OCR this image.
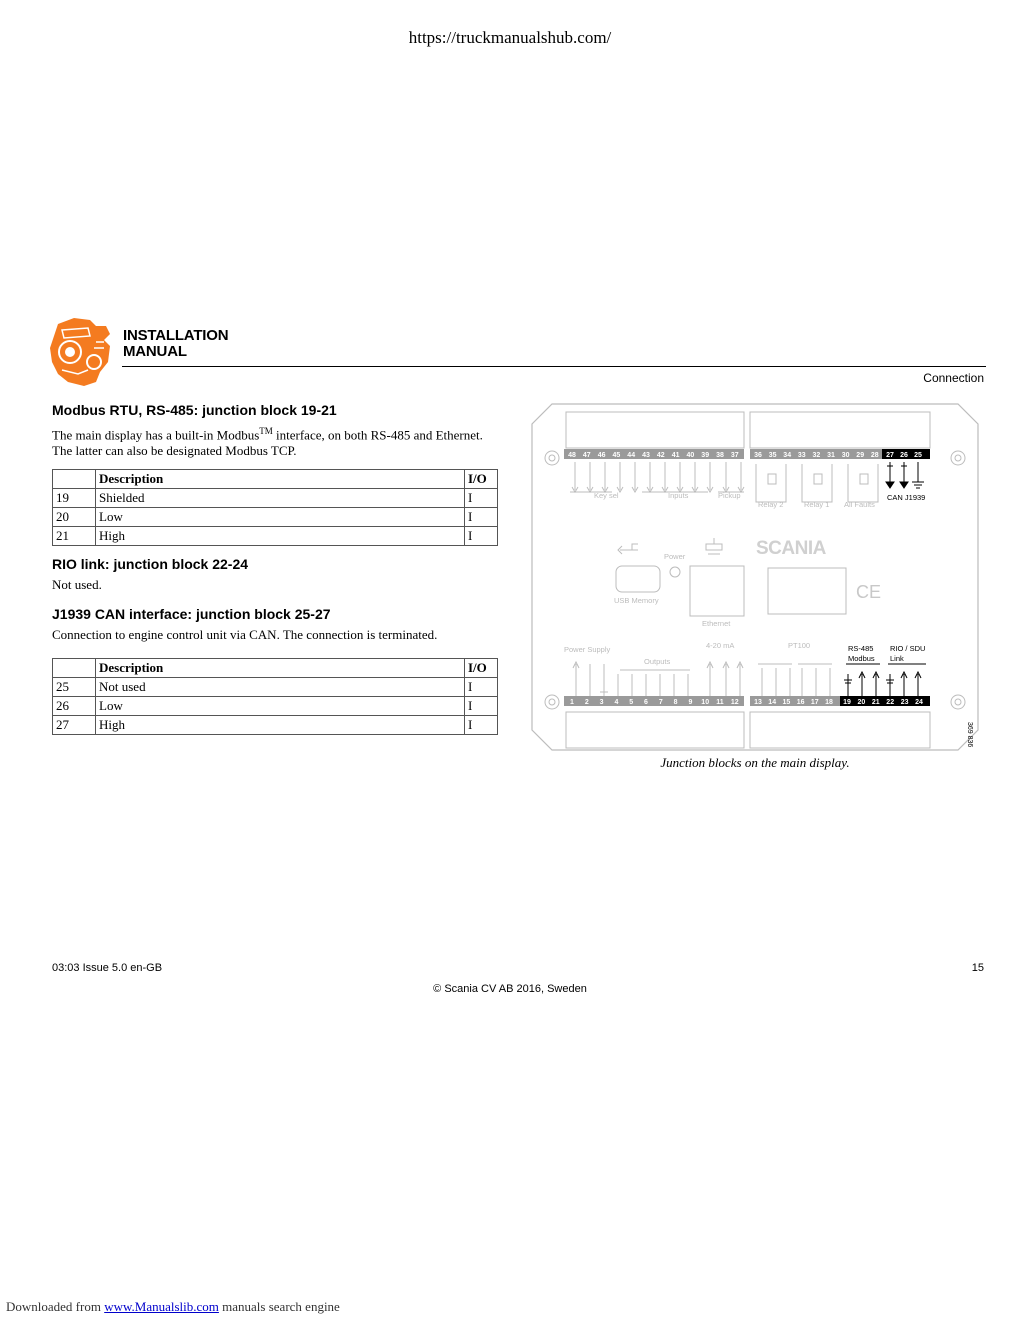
https://truckmanualshub.com/
INSTALLATION
MANUAL
Connection
Modbus RTU, RS-485: junction block 19-21
The main display has a built-in Modbus™ interface, on both RS-485 and Ethernet.
The latter can also be designated Modbus TCP.
	Description	I/O
19	Shielded	I
20	Low	I
21	High	I
RIO link: junction block 22-24
Not used.
J1939 CAN interface: junction block 25-27
Connection to engine control unit via CAN. The connection is terminated.
	Description	I/O
25	Not used	I
26	Low	I
27	High	I
48 47 46 45 44 43 42 41 40 39 38 37 36 35 34 33 32 31 30 29 28 27 26 25
Key sel	Inputs	Pickup
Relay 2	Relay 1 All Faults
CAN J1939
Power
USB Memory
Ethernet
SCANIA
CE
Power Supply
Outputs
4-20 mA	PT100	RS-485
Modbus
RIO / SDU
Link
1 2 3 4 5 6 7 8 9 10 11 12 13 14 15 16 17 18 19 20 21 22 23 24
369 836
Junction blocks on the main display.
03:03 Issue 5.0 en-GB	15
© Scania CV AB 2016, Sweden
Downloaded from www.Manualslib.com manuals search engine
